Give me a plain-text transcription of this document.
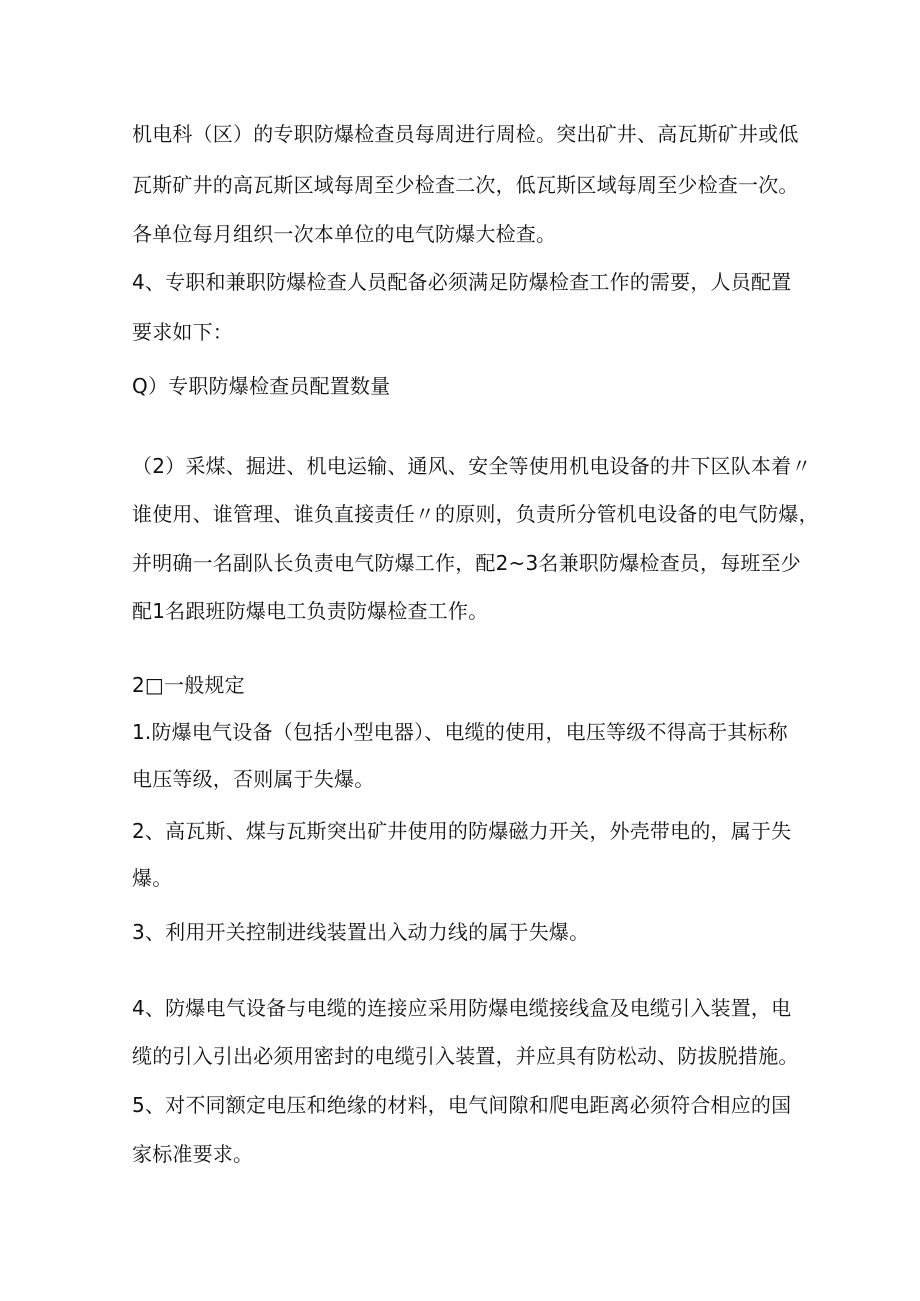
机电科（区）的专职防爆检查员每周进行周检。突出矿井、高瓦斯矿井或低

瓦斯矿井的高瓦斯区域每周至少检查二次，低瓦斯区域每周至少检查一次。

各单位每月组织一次本单位的电气防爆大检查。

4、专职和兼职防爆检查人员配备必须满足防爆检查工作的需要，人员配置

要求如下：

Q）专职防爆检查员配置数量

（2）采煤、掘进、机电运输、通风、安全等使用机电设备的井下区队本着〃

谁使用、谁管理、谁负直接责任〃的原则，负责所分管机电设备的电气防爆，

并明确一名副队长负责电气防爆工作，配2~3名兼职防爆检查员，每班至少

配1名跟班防爆电工负责防爆检查工作。

2□一般规定

1.防爆电气设备（包括小型电器）、电缆的使用，电压等级不得高于其标称

电压等级，否则属于失爆。

2、高瓦斯、煤与瓦斯突出矿井使用的防爆磁力开关，外壳带电的，属于失

爆。

3、利用开关控制进线装置出入动力线的属于失爆。

4、防爆电气设备与电缆的连接应采用防爆电缆接线盒及电缆引入装置，电

缆的引入引出必须用密封的电缆引入装置，并应具有防松动、防拔脱措施。

5、对不同额定电压和绝缘的材料，电气间隙和爬电距离必须符合相应的国

家标准要求。
